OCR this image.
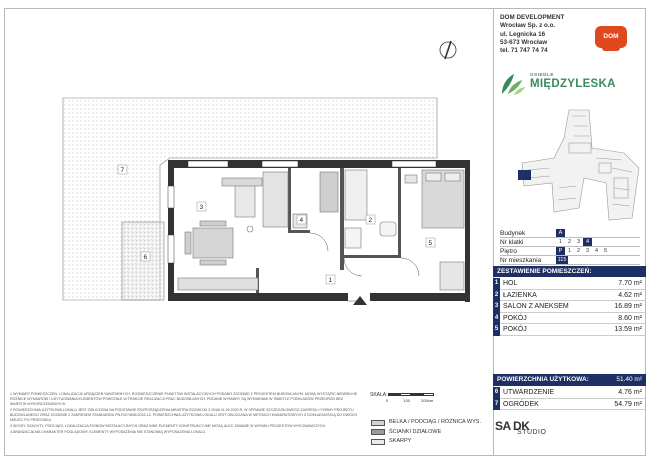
3
4
1
2
5
6
7
DOM DEVELOPMENT
Wrocław Sp. z o.o.
ul. Legnicka 16
53-673 Wrocław
tel. 71 747 74 74
DOM
OSIEDLE
MIĘDZYLESKA
Budynek	A
Nr klatki	1	2	3	4
Piętro	P	1	2	3	4	5
Nr mieszkania	115
ZESTAWIENIE POMIESZCZEŃ:
1 HOL	7.70 m²
2 ŁAZIENKA	4.62 m²
3 SALON Z ANEKSEM	16.89 m²
4 POKÓJ	8.60 m²
5 POKÓJ	13.59 m²
POWIERZCHNIA UŻYTKOWA:	51.40 m²
6 UTWARDZENIE	4.76 m²
7 OGRÓDEK	54.79 m²

1 WYMIARY POMIESZCZEŃ, LOKALIZACJA URZĄDZEŃ SANITARNYCH, ROZMIESZCZENIE PUNKTÓW INSTALACYJNYCH PODANO ZGODNIE Z PROJEKTEM BUDOWLANYM. MOGĄ WYSTĄPIĆ NIEWIELKIE RÓŻNICE WYMIARÓW I USYTUOWANIA ELEMENTÓW POWSTAŁE W TRAKCIE REALIZACJI PRAC BUDOWLANYCH. PODANE WYMIARY SĄ WYMIARAMI W ŚWIETLE PODKŁADÓW PRZEGRÓD BEZ WARSTW WYKOŃCZENIOWYCH.

2 POWIERZCHNIA UŻYTKOWA LOKALU JEST OBLICZONA NA PODSTAWIE ROZPORZĄDZENIA MINISTRA ROZWOJU Z DNIA 11.09.2020 R. W SPRAWIE SZCZEGÓŁOWEGO ZAKRESU I FORMY PROJEKTU BUDOWLANEGO ORAZ ZGODNIE Z ZAKRESEM STANDARDU PN-ISO 9836:2015-12. POWIERZCHNIA UŻYTKOWA LOKALU JEST OBLICZANA W METRACH KWADRATOWYCH Z DOKŁADNOŚCIĄ DO DWÓCH MIEJSC PO PRZECINKU.

3 SKOSY, SZACHTY, PODCIĄGI, LOKALIZACJA PIONÓW INSTALACYJNYCH ORAZ INNE ELEMENTY KONSTRUKCYJNE MOGĄ ULEC ZMIANIE W WYNIKU PROJEKTÓW WYKONAWCZYCH.

4 ARANŻACJA MA CHARAKTER POGLĄDOWY. ELEMENTY WYPOSAŻENIA NIE STANOWIĄ WYPOSAŻENIA LOKALU.

SKALA:
0	100	200cm
BELKA / PODCIĄG / RÓŻNICA WYS.
ŚCIANKI DZIAŁOWE
SKARPY
SA DK
STUDIO
